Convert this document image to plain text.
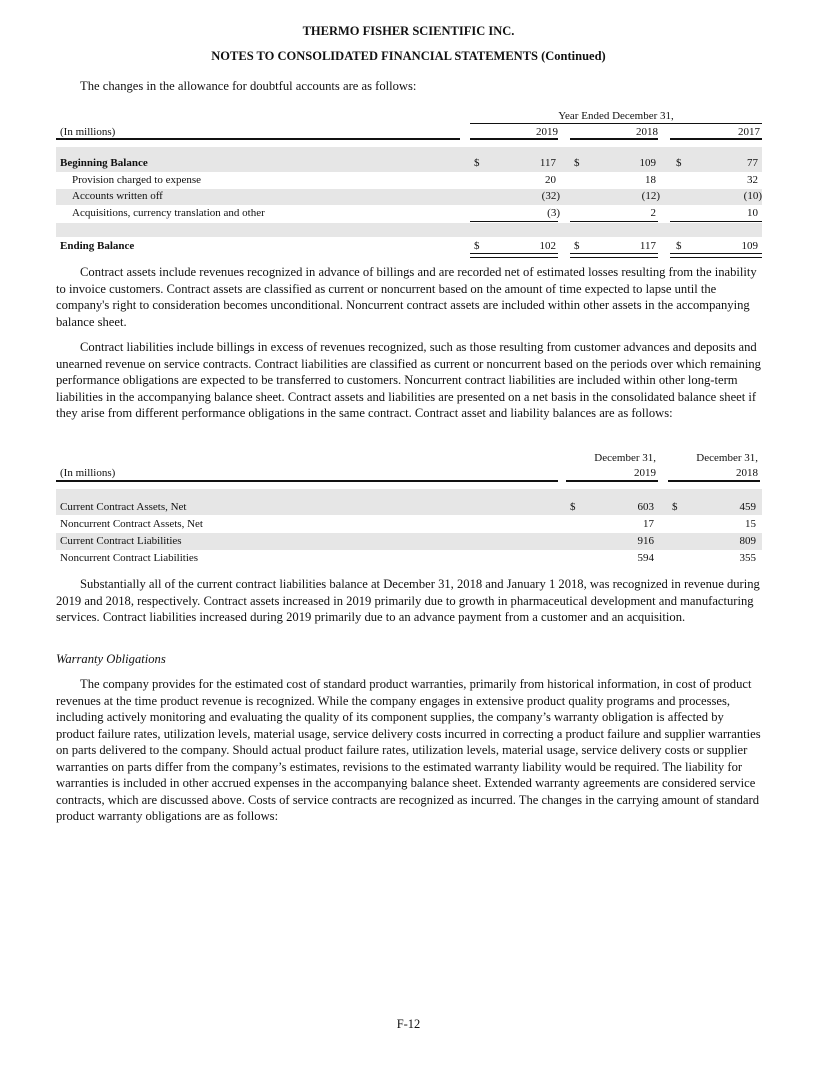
THERMO FISHER SCIENTIFIC INC.
NOTES TO CONSOLIDATED FINANCIAL STATEMENTS (Continued)

The changes in the allowance for doubtful accounts are as follows:

Year Ended December 31,
(In millions)	2019	2018	2017
Beginning Balance	$	117 $	109 $	77
Provision charged to expense	20	18	32
Accounts written off	(32)	(12)	(10)
Acquisitions, currency translation and other	(3)	2	10
Ending Balance	$	102 $	117 $	109

Contract assets include revenues recognized in advance of billings and are recorded net of estimated losses resulting from the inability to invoice customers. Contract assets are classified as current or noncurrent based on the amount of time expected to lapse until the company's right to consideration becomes unconditional. Noncurrent contract assets are included within other assets in the accompanying balance sheet.

Contract liabilities include billings in excess of revenues recognized, such as those resulting from customer advances and deposits and unearned revenue on service contracts. Contract liabilities are classified as current or noncurrent based on the periods over which remaining performance obligations are expected to be transferred to customers. Noncurrent contract liabilities are included within other long-term liabilities in the accompanying balance sheet. Contract assets and liabilities are presented on a net basis in the consolidated balance sheet if they arise from different performance obligations in the same contract. Contract asset and liability balances are as follows:

December 31,
2019
December 31,
2018
(In millions)
Current Contract Assets, Net	$	603 $	459
Noncurrent Contract Assets, Net	17	15
Current Contract Liabilities	916	809
Noncurrent Contract Liabilities	594	355

Substantially all of the current contract liabilities balance at December 31, 2018 and January 1 2018, was recognized in revenue during 2019 and 2018, respectively. Contract assets increased in 2019 primarily due to growth in pharmaceutical development and manufacturing services. Contract liabilities increased during 2019 primarily due to an advance payment from a customer and an acquisition.

Warranty Obligations

The company provides for the estimated cost of standard product warranties, primarily from historical information, in cost of product revenues at the time product revenue is recognized. While the company engages in extensive product quality programs and processes, including actively monitoring and evaluating the quality of its component supplies, the company’s warranty obligation is affected by product failure rates, utilization levels, material usage, service delivery costs incurred in correcting a product failure and supplier warranties on parts delivered to the company. Should actual product failure rates, utilization levels, material usage, service delivery costs or supplier warranties on parts differ from the company’s estimates, revisions to the estimated warranty liability would be required. The liability for warranties is included in other accrued expenses in the accompanying balance sheet. Extended warranty agreements are considered service contracts, which are discussed above. Costs of service contracts are recognized as incurred. The changes in the carrying amount of standard product warranty obligations are as follows:

F-12
